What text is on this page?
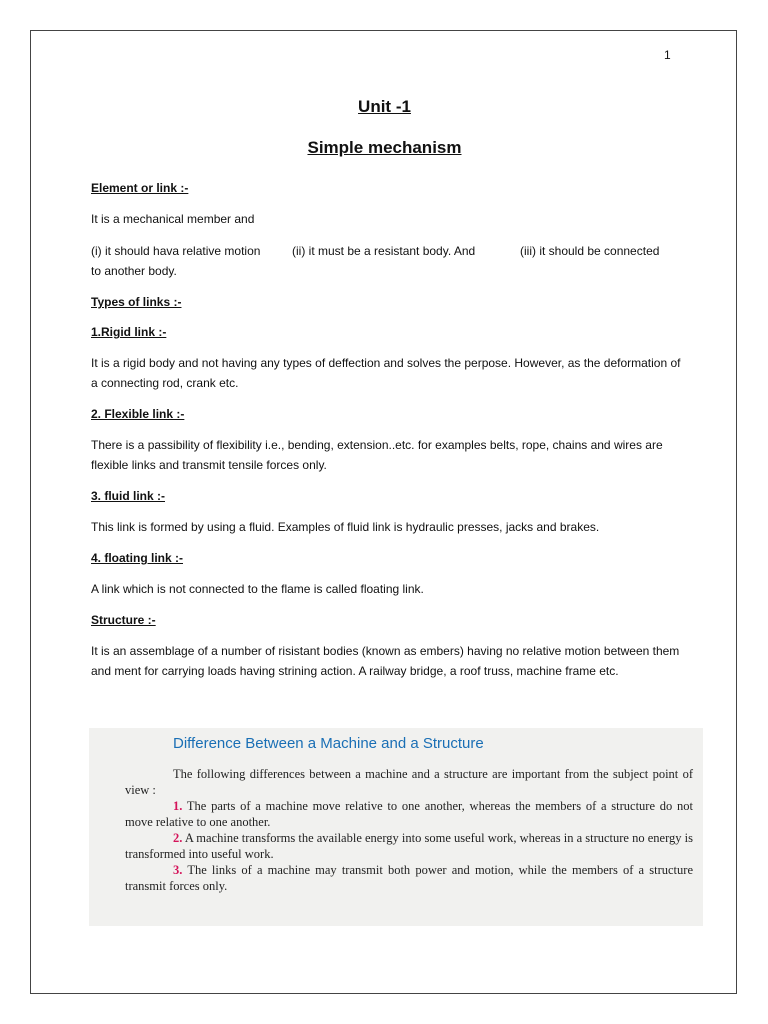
1
Unit -1
Simple mechanism
Element or link :-
It is a mechanical member and
(i) it should hava relative motion	(ii) it must be a resistant body. And	(iii) it should be connected
to another body.
Types of links :-
1.Rigid link :-
It is a rigid body and not having any types of deffection and solves the perpose. However, as the deformation of a connecting rod, crank etc.
2. Flexible link :-
There is a passibility of flexibility i.e., bending, extension..etc. for examples belts, rope, chains and wires are flexible links and transmit tensile forces only.
3. fluid link :-
This link is formed by using a fluid. Examples of fluid link is hydraulic presses, jacks and brakes.
4. floating link :-
A link which is not connected to the flame is called floating link.
Structure :-
It is an assemblage of a number of risistant bodies (known as embers) having no relative motion between them and ment for carrying loads having strining action. A railway bridge, a roof truss, machine frame etc.
Difference Between a Machine and a Structure
The following differences between a machine and a structure are important from the subject point of view :
1. The parts of a machine move relative to one another, whereas the members of a structure do not move relative to one another.
2. A machine transforms the available energy into some useful work, whereas in a structure no energy is transformed into useful work.
3. The links of a machine may transmit both power and motion, while the members of a structure transmit forces only.
